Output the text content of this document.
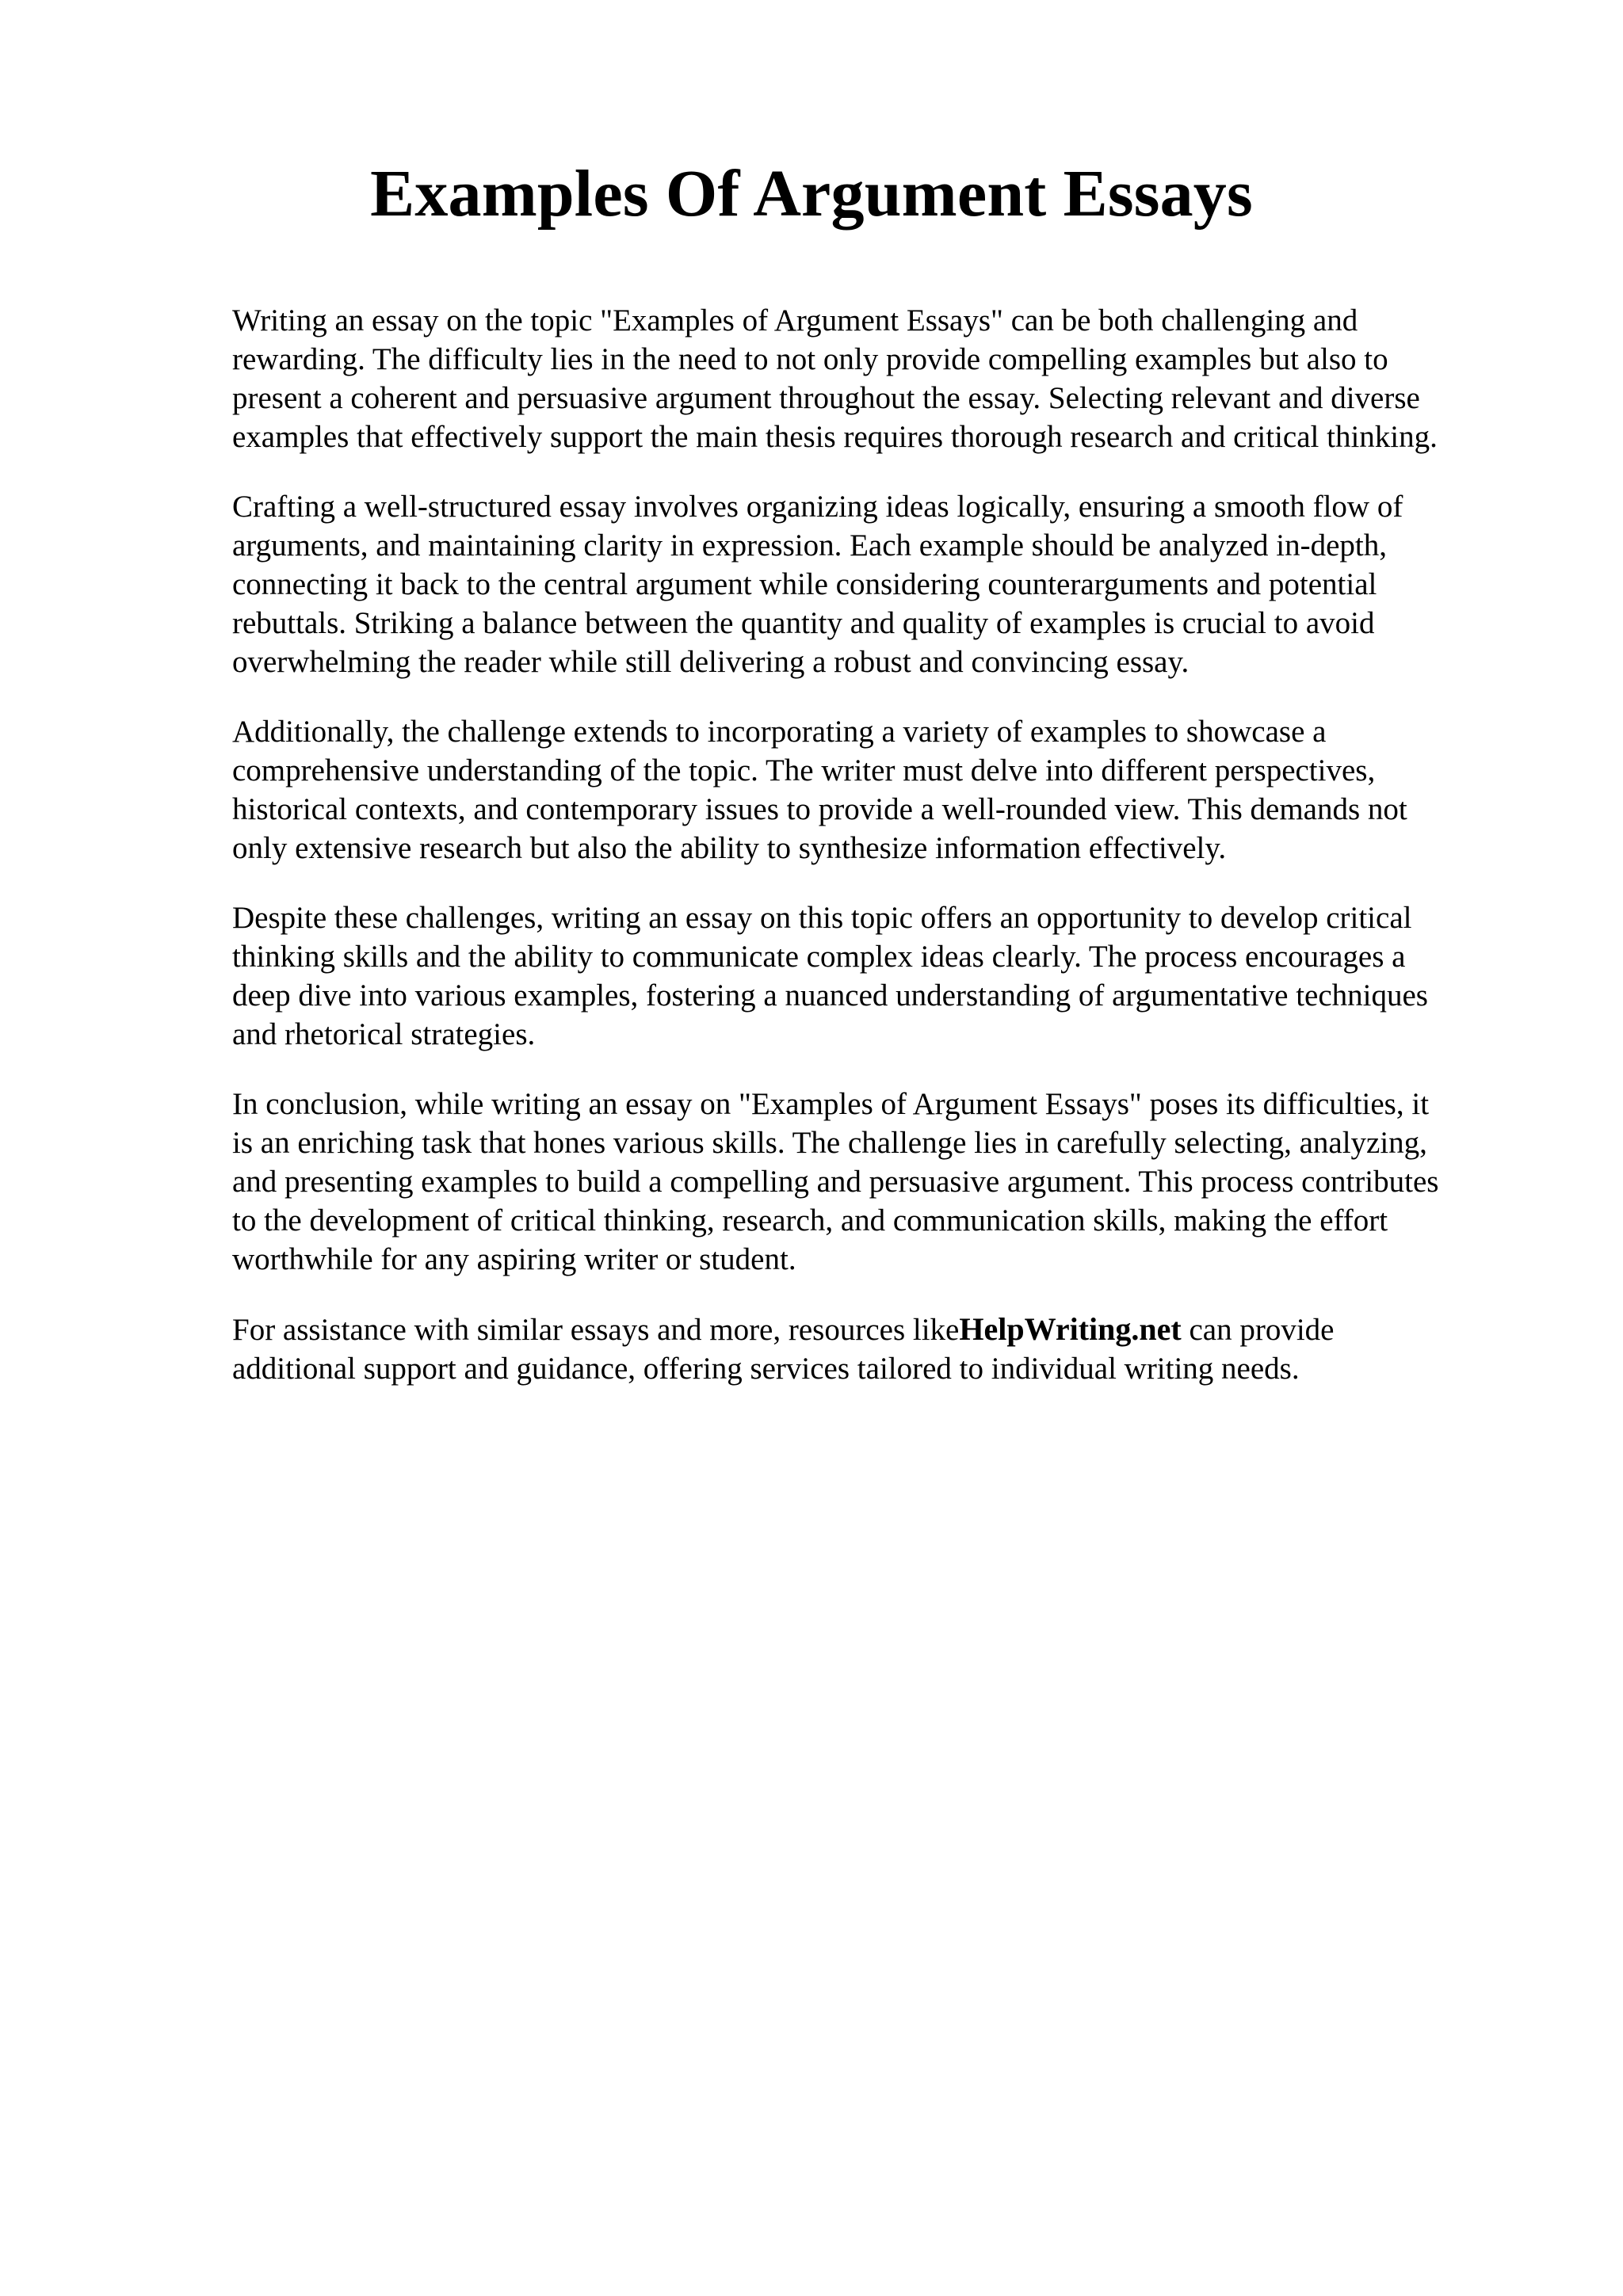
Examples Of Argument Essays

Writing an essay on the topic "Examples of Argument Essays" can be both challenging and
rewarding. The difficulty lies in the need to not only provide compelling examples but also to
present a coherent and persuasive argument throughout the essay. Selecting relevant and diverse
examples that effectively support the main thesis requires thorough research and critical thinking.

Crafting a well-structured essay involves organizing ideas logically, ensuring a smooth flow of
arguments, and maintaining clarity in expression. Each example should be analyzed in-depth,
connecting it back to the central argument while considering counterarguments and potential
rebuttals. Striking a balance between the quantity and quality of examples is crucial to avoid
overwhelming the reader while still delivering a robust and convincing essay.

Additionally, the challenge extends to incorporating a variety of examples to showcase a
comprehensive understanding of the topic. The writer must delve into different perspectives,
historical contexts, and contemporary issues to provide a well-rounded view. This demands not
only extensive research but also the ability to synthesize information effectively.

Despite these challenges, writing an essay on this topic offers an opportunity to develop critical
thinking skills and the ability to communicate complex ideas clearly. The process encourages a
deep dive into various examples, fostering a nuanced understanding of argumentative techniques
and rhetorical strategies.

In conclusion, while writing an essay on "Examples of Argument Essays" poses its difficulties, it
is an enriching task that hones various skills. The challenge lies in carefully selecting, analyzing,
and presenting examples to build a compelling and persuasive argument. This process contributes
to the development of critical thinking, research, and communication skills, making the effort
worthwhile for any aspiring writer or student.

For assistance with similar essays and more, resources likeHelpWriting.net can provide
additional support and guidance, offering services tailored to individual writing needs.
